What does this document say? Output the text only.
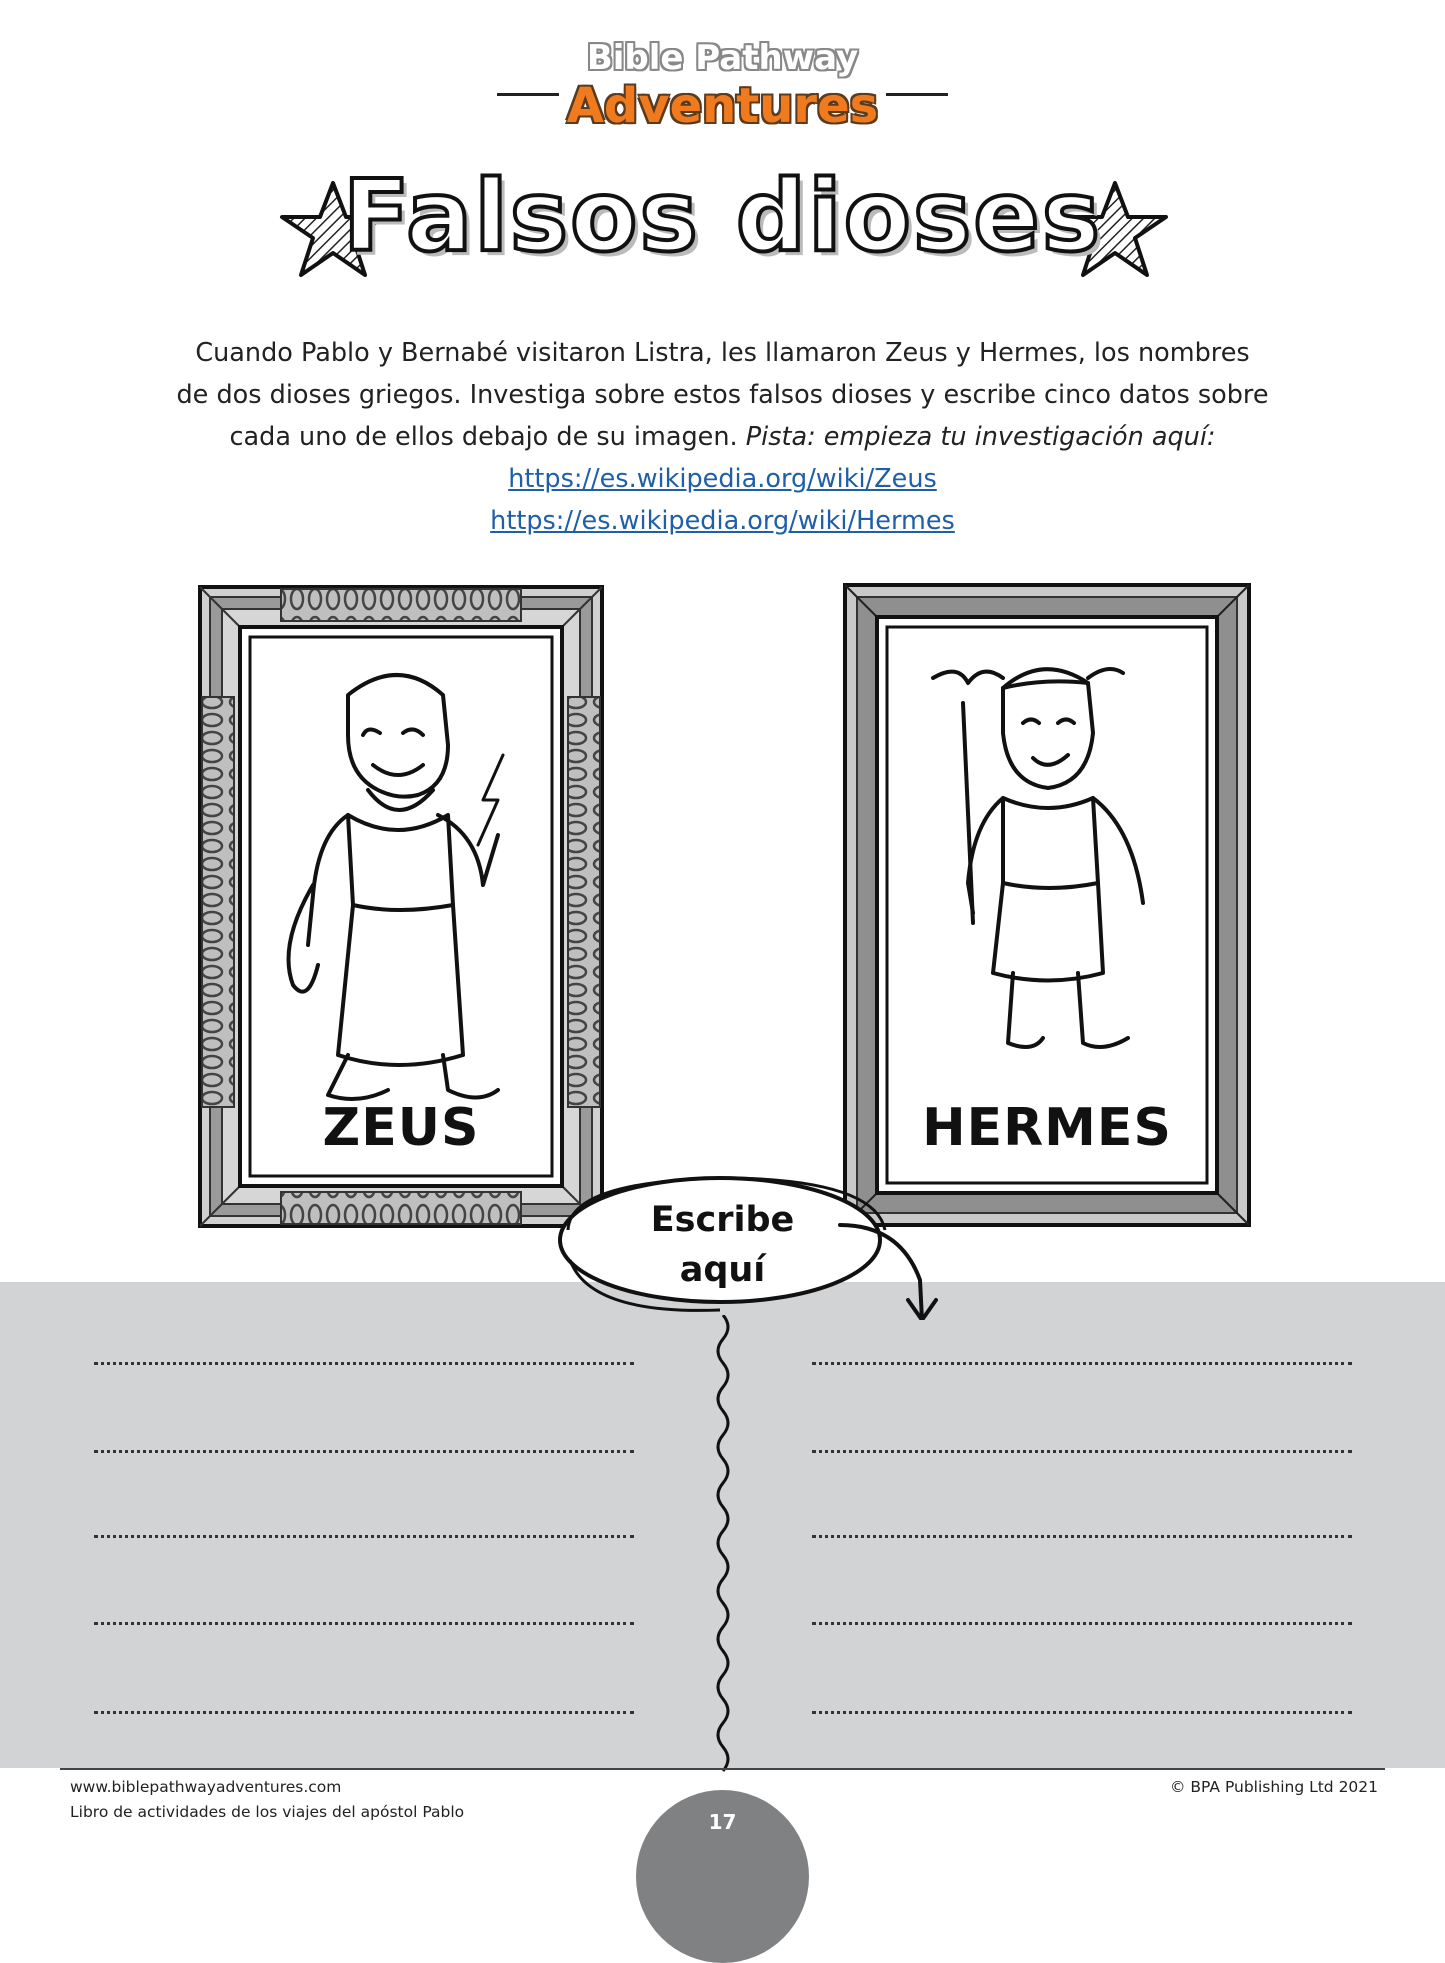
Bible Pathway
Adventures
Falsos dioses
Cuando Pablo y Bernabé visitaron Listra, les llamaron Zeus y Hermes, los nombres
de dos dioses griegos. Investiga sobre estos falsos dioses y escribe cinco datos sobre
cada uno de ellos debajo de su imagen. Pista: empieza tu investigación aquí:
https://es.wikipedia.org/wiki/Zeus
https://es.wikipedia.org/wiki/Hermes
ZEUS	HERMES
Escribe
aquí
www.biblepathwayadventures.com
Libro de actividades de los viajes del apóstol Pablo
© BPA Publishing Ltd 2021
17
